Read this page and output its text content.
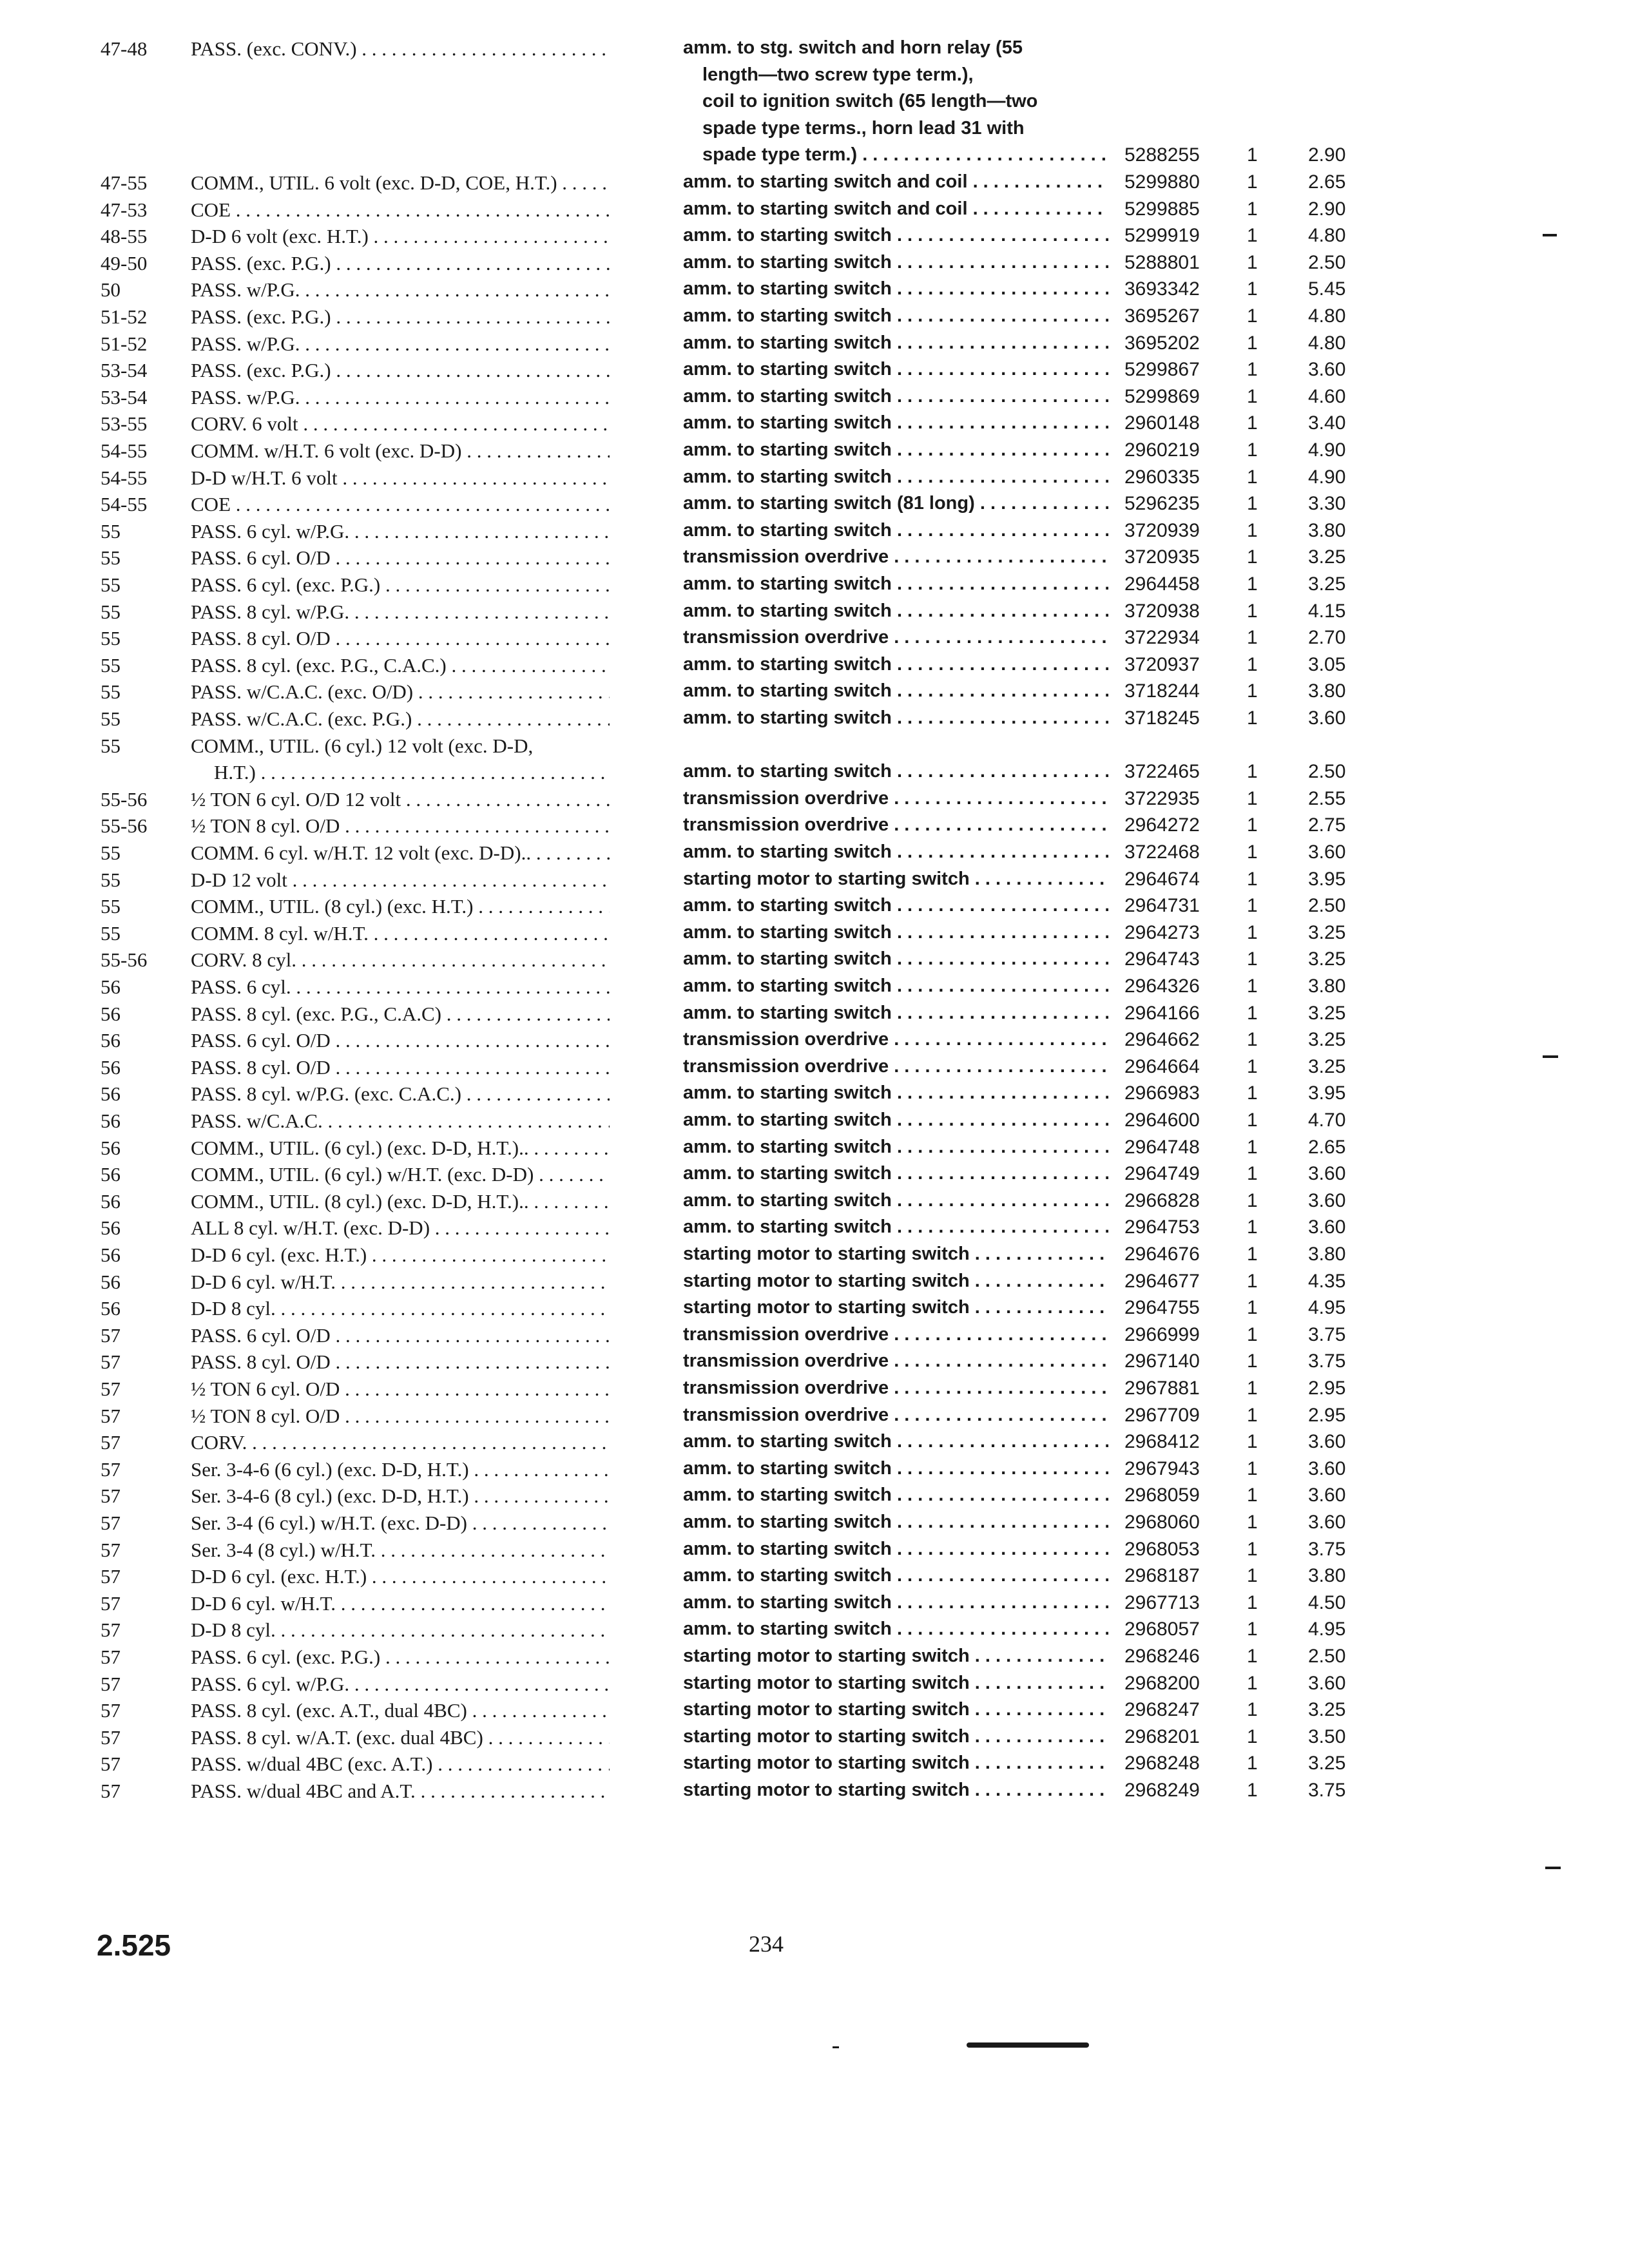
47-48	PASS. (exc. CONV.) . . .	amm. to stg. switch and horn relay (55
length—two screw type term.),
coil to ignition switch (65 length—two
spade type terms., horn lead 31 with
spade type term.) . . .	5288255	1	2.90
47-55	COMM., UTIL. 6 volt (exc. D-D, COE, H.T.) . . .	amm. to starting switch and coil . . .	5299880	1	2.65
47-53	COE . . .	amm. to starting switch and coil . . .	5299885	1	2.90
48-55	D-D 6 volt (exc. H.T.) . . .	amm. to starting switch . . .	5299919	1	4.80
49-50	PASS. (exc. P.G.) . . .	amm. to starting switch . . .	5288801	1	2.50
50	PASS. w/P.G. . . .	amm. to starting switch . . .	3693342	1	5.45
51-52	PASS. (exc. P.G.) . . .	amm. to starting switch . . .	3695267	1	4.80
51-52	PASS. w/P.G. . . .	amm. to starting switch . . .	3695202	1	4.80
53-54	PASS. (exc. P.G.) . . .	amm. to starting switch . . .	5299867	1	3.60
53-54	PASS. w/P.G. . . .	amm. to starting switch . . .	5299869	1	4.60
53-55	CORV. 6 volt . . .	amm. to starting switch . . .	2960148	1	3.40
54-55	COMM. w/H.T. 6 volt (exc. D-D) . . .	amm. to starting switch . . .	2960219	1	4.90
54-55	D-D w/H.T. 6 volt . . .	amm. to starting switch . . .	2960335	1	4.90
54-55	COE . . .	amm. to starting switch (81 long) . . .	5296235	1	3.30
55	PASS. 6 cyl. w/P.G. . . .	amm. to starting switch . . .	3720939	1	3.80
55	PASS. 6 cyl. O/D . . .	transmission overdrive . . .	3720935	1	3.25
55	PASS. 6 cyl. (exc. P.G.) . . .	amm. to starting switch . . .	2964458	1	3.25
55	PASS. 8 cyl. w/P.G. . . .	amm. to starting switch . . .	3720938	1	4.15
55	PASS. 8 cyl. O/D . . .	transmission overdrive . . .	3722934	1	2.70
55	PASS. 8 cyl. (exc. P.G., C.A.C.) . . .	amm. to starting switch . . .	3720937	1	3.05
55	PASS. w/C.A.C. (exc. O/D) . . .	amm. to starting switch . . .	3718244	1	3.80
55	PASS. w/C.A.C. (exc. P.G.) . . .	amm. to starting switch . . .	3718245	1	3.60
55	COMM., UTIL. (6 cyl.) 12 volt (exc. D-D,
H.T.) . . .	amm. to starting switch . . .	3722465	1	2.50
55-56	½ TON 6 cyl. O/D 12 volt . . .	transmission overdrive . . .	3722935	1	2.55
55-56	½ TON 8 cyl. O/D . . .	transmission overdrive . . .	2964272	1	2.75
55	COMM. 6 cyl. w/H.T. 12 volt (exc. D-D).. . . .	amm. to starting switch . . .	3722468	1	3.60
55	D-D 12 volt . . .	starting motor to starting switch . . .	2964674	1	3.95
55	COMM., UTIL. (8 cyl.) (exc. H.T.) . . .	amm. to starting switch . . .	2964731	1	2.50
55	COMM. 8 cyl. w/H.T. . . .	amm. to starting switch . . .	2964273	1	3.25
55-56	CORV. 8 cyl. . . .	amm. to starting switch . . .	2964743	1	3.25
56	PASS. 6 cyl. . . .	amm. to starting switch . . .	2964326	1	3.80
56	PASS. 8 cyl. (exc. P.G., C.A.C) . . .	amm. to starting switch . . .	2964166	1	3.25
56	PASS. 6 cyl. O/D . . .	transmission overdrive . . .	2964662	1	3.25
56	PASS. 8 cyl. O/D . . .	transmission overdrive . . .	2964664	1	3.25
56	PASS. 8 cyl. w/P.G. (exc. C.A.C.) . . .	amm. to starting switch . . .	2966983	1	3.95
56	PASS. w/C.A.C. . . .	amm. to starting switch . . .	2964600	1	4.70
56	COMM., UTIL. (6 cyl.) (exc. D-D, H.T.).. . . .	amm. to starting switch . . .	2964748	1	2.65
56	COMM., UTIL. (6 cyl.) w/H.T. (exc. D-D) . . .	amm. to starting switch . . .	2964749	1	3.60
56	COMM., UTIL. (8 cyl.) (exc. D-D, H.T.).. . . .	amm. to starting switch . . .	2966828	1	3.60
56	ALL 8 cyl. w/H.T. (exc. D-D) . . .	amm. to starting switch . . .	2964753	1	3.60
56	D-D 6 cyl. (exc. H.T.) . . .	starting motor to starting switch . . .	2964676	1	3.80
56	D-D 6 cyl. w/H.T. . . .	starting motor to starting switch . . .	2964677	1	4.35
56	D-D 8 cyl. . . .	starting motor to starting switch . . .	2964755	1	4.95
57	PASS. 6 cyl. O/D . . .	transmission overdrive . . .	2966999	1	3.75
57	PASS. 8 cyl. O/D . . .	transmission overdrive . . .	2967140	1	3.75
57	½ TON 6 cyl. O/D . . .	transmission overdrive . . .	2967881	1	2.95
57	½ TON 8 cyl. O/D . . .	transmission overdrive . . .	2967709	1	2.95
57	CORV. . . .	amm. to starting switch . . .	2968412	1	3.60
57	Ser. 3-4-6 (6 cyl.) (exc. D-D, H.T.) . . .	amm. to starting switch . . .	2967943	1	3.60
57	Ser. 3-4-6 (8 cyl.) (exc. D-D, H.T.) . . .	amm. to starting switch . . .	2968059	1	3.60
57	Ser. 3-4 (6 cyl.) w/H.T. (exc. D-D) . . .	amm. to starting switch . . .	2968060	1	3.60
57	Ser. 3-4 (8 cyl.) w/H.T. . . .	amm. to starting switch . . .	2968053	1	3.75
57	D-D 6 cyl. (exc. H.T.) . . .	amm. to starting switch . . .	2968187	1	3.80
57	D-D 6 cyl. w/H.T. . . .	amm. to starting switch . . .	2967713	1	4.50
57	D-D 8 cyl. . . .	amm. to starting switch . . .	2968057	1	4.95
57	PASS. 6 cyl. (exc. P.G.) . . .	starting motor to starting switch . . .	2968246	1	2.50
57	PASS. 6 cyl. w/P.G. . . .	starting motor to starting switch . . .	2968200	1	3.60
57	PASS. 8 cyl. (exc. A.T., dual 4BC) . . .	starting motor to starting switch . . .	2968247	1	3.25
57	PASS. 8 cyl. w/A.T. (exc. dual 4BC) . . .	starting motor to starting switch . . .	2968201	1	3.50
57	PASS. w/dual 4BC (exc. A.T.) . . .	starting motor to starting switch . . .	2968248	1	3.25
57	PASS. w/dual 4BC and A.T. . . .	starting motor to starting switch . . .	2968249	1	3.75
2.525	234
